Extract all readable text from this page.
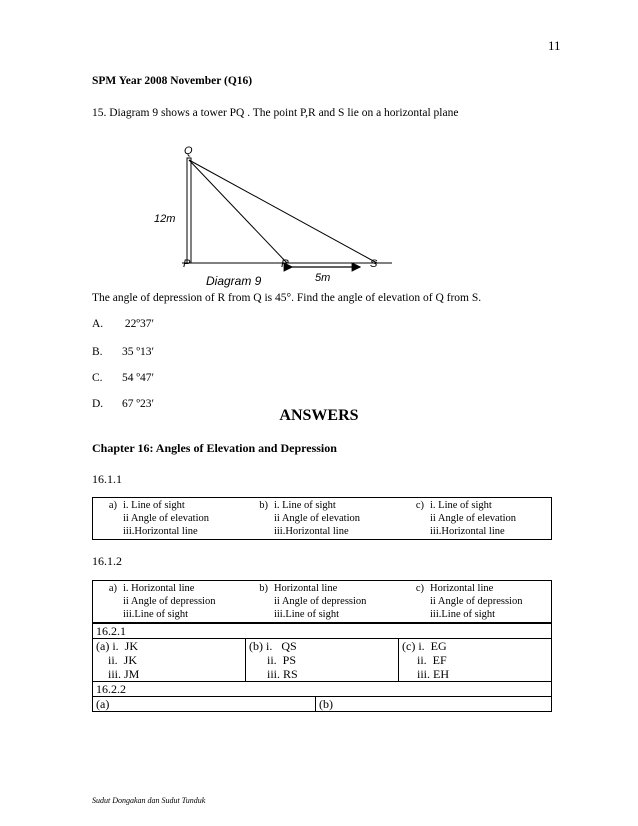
11
SPM Year 2008 November (Q16)
15. Diagram 9 shows a tower PQ . The point P,R and S lie on a horizontal plane
Q
P	R	S
12m
5m
Diagram 9
The angle of depression of R from Q is 45°. Find the angle of elevation of Q from S.
A. 22º37′
B. 35 º13′
C. 54 º47′
D. 67 º23′
ANSWERS
Chapter 16: Angles of Elevation and Depression
16.1.1
a) i. Line of sight
ii Angle of elevation
iii.Horizontal line

b) i. Line of sight
ii Angle of elevation
iii.Horizontal line

c) i. Line of sight
ii Angle of elevation
iii.Horizontal line
16.1.2
a) i. Horizontal line
ii Angle of depression
iii.Line of sight

b) Horizontal line
ii Angle of depression
iii.Line of sight

c) Horizontal line
ii Angle of depression
iii.Line of sight
16.2.1
(a) i.  JK
ii.  JK
iii. JM
(b) i.   QS
ii.  PS
iii. RS
(c) i.  EG
ii.  EF
iii. EH
16.2.2
(a)	(b)
Sudut Dongakan dan Sudut Tunduk
